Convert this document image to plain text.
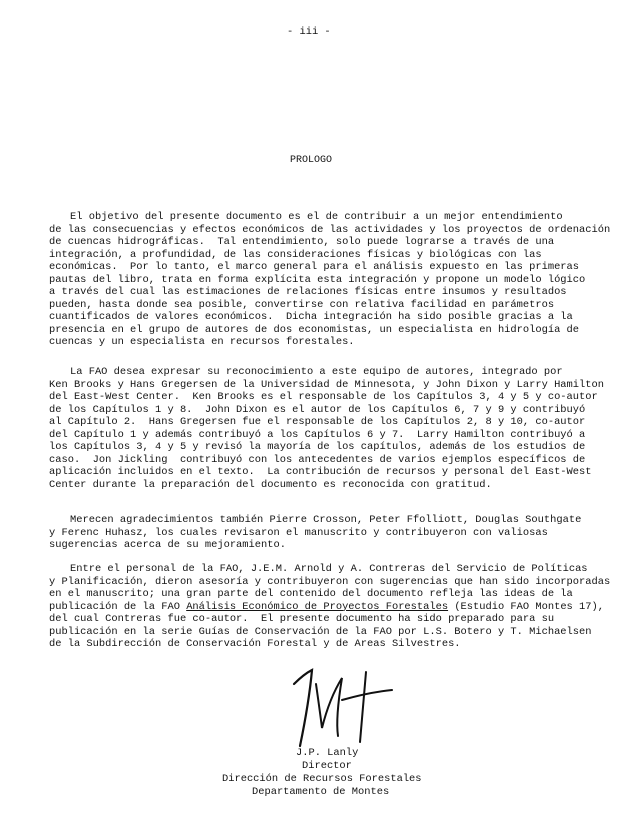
- iii -
PROLOGO
El objetivo del presente documento es el de contribuir a un mejor entendimiento
de las consecuencias y efectos económicos de las actividades y los proyectos de ordenación
de cuencas hidrográficas.  Tal entendimiento, solo puede lograrse a través de una
integración, a profundidad, de las consideraciones físicas y biológicas con las
económicas.  Por lo tanto, el marco general para el análisis expuesto en las primeras
pautas del libro, trata en forma explícita esta integración y propone un modelo lógico
a través del cual las estimaciones de relaciones físicas entre insumos y resultados
pueden, hasta donde sea posible, convertirse con relativa facilidad en parámetros
cuantificados de valores económicos.  Dicha integración ha sido posible gracias a la
presencia en el grupo de autores de dos economistas, un especialista en hidrología de
cuencas y un especialista en recursos forestales.
La FAO desea expresar su reconocimiento a este equipo de autores, integrado por
Ken Brooks y Hans Gregersen de la Universidad de Minnesota, y John Dixon y Larry Hamilton
del East-West Center.  Ken Brooks es el responsable de los Capítulos 3, 4 y 5 y co-autor
de los Capítulos 1 y 8.  John Dixon es el autor de los Capítulos 6, 7 y 9 y contribuyó
al Capítulo 2.  Hans Gregersen fue el responsable de los Capítulos 2, 8 y 10, co-autor
del Capítulo 1 y además contribuyó a los Capítulos 6 y 7.  Larry Hamilton contribuyó a
los Capítulos 3, 4 y 5 y revisó la mayoría de los capítulos, además de los estudios de
caso.  Jon Jickling  contribuyó con los antecedentes de varios ejemplos específicos de
aplicación incluidos en el texto.  La contribución de recursos y personal del East-West
Center durante la preparación del documento es reconocida con gratitud.
Merecen agradecimientos también Pierre Crosson, Peter Ffolliott, Douglas Southgate
y Ferenc Huhasz, los cuales revisaron el manuscrito y contribuyeron con valiosas
sugerencias acerca de su mejoramiento.
Entre el personal de la FAO, J.E.M. Arnold y A. Contreras del Servicio de Políticas
y Planificación, dieron asesoría y contribuyeron con sugerencias que han sido incorporadas
en el manuscrito; una gran parte del contenido del documento refleja las ideas de la
publicación de la FAO Análisis Económico de Proyectos Forestales (Estudio FAO Montes 17),
del cual Contreras fue co-autor.  El presente documento ha sido preparado para su
publicación en la serie Guías de Conservación de la FAO por L.S. Botero y T. Michaelsen
de la Subdirección de Conservación Forestal y de Areas Silvestres.
J.P. Lanly
Director
Dirección de Recursos Forestales
Departamento de Montes
